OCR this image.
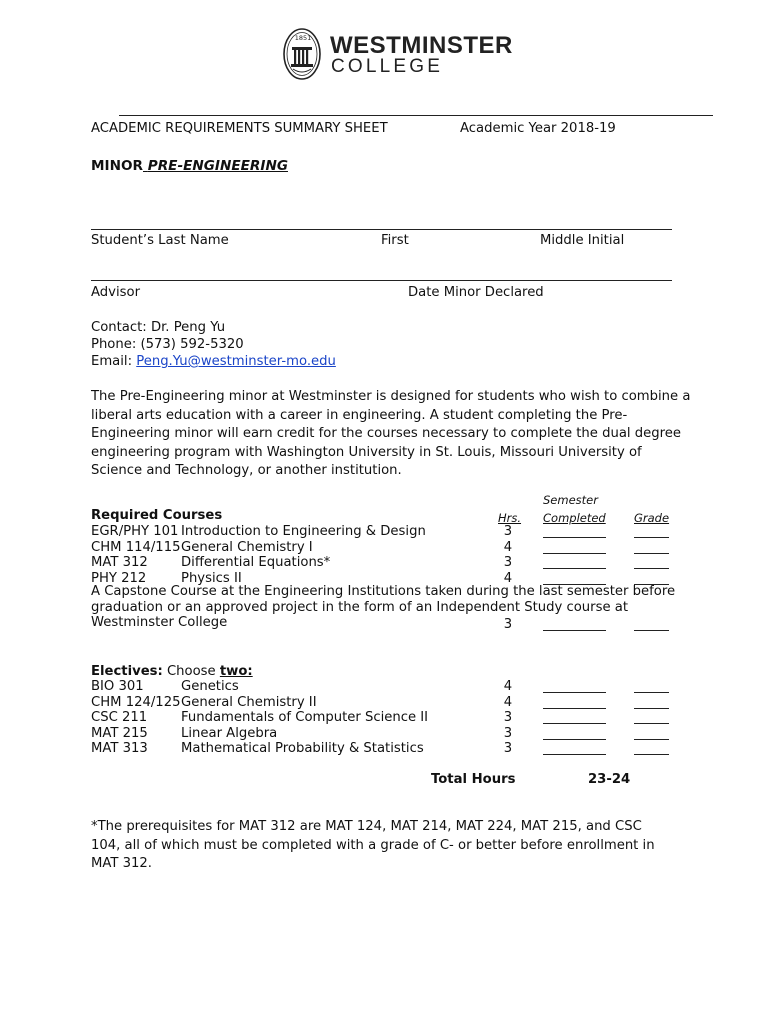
1851 WESTMINSTER
COLLEGE
ACADEMIC REQUIREMENTS SUMMARY SHEET	Academic Year 2018-19
MINOR PRE-ENGINEERING
Student’s Last Name	First	Middle Initial
Advisor	Date Minor Declared
Contact: Dr. Peng Yu
Phone: (573) 592-5320
Email: Peng.Yu@westminster-mo.edu
The Pre-Engineering minor at Westminster is designed for students who wish to combine a liberal arts education with a career in engineering. A student completing the Pre-Engineering minor will earn credit for the courses necessary to complete the dual degree engineering program with Washington University in St. Louis, Missouri University of Science and Technology, or another institution.
Semester
Required Courses	Hrs. Completed Grade
EGR/PHY 101 Introduction to Engineering & Design	3
CHM 114/115 General Chemistry I	4
MAT 312	Differential Equations*	3
PHY 212	Physics II	4
A Capstone Course at the Engineering Institutions taken during the last semester before graduation or an approved project in the form of an Independent Study course at Westminster College	3
Electives: Choose two:
BIO 301	Genetics	4
CHM 124/125 General Chemistry II	4
CSC 211	Fundamentals of Computer Science II	3
MAT 215	Linear Algebra	3
MAT 313	Mathematical Probability & Statistics	3
Total Hours	23-24
*The prerequisites for MAT 312 are MAT 124, MAT 214, MAT 224, MAT 215, and CSC 104, all of which must be completed with a grade of C- or better before enrollment in MAT 312.
